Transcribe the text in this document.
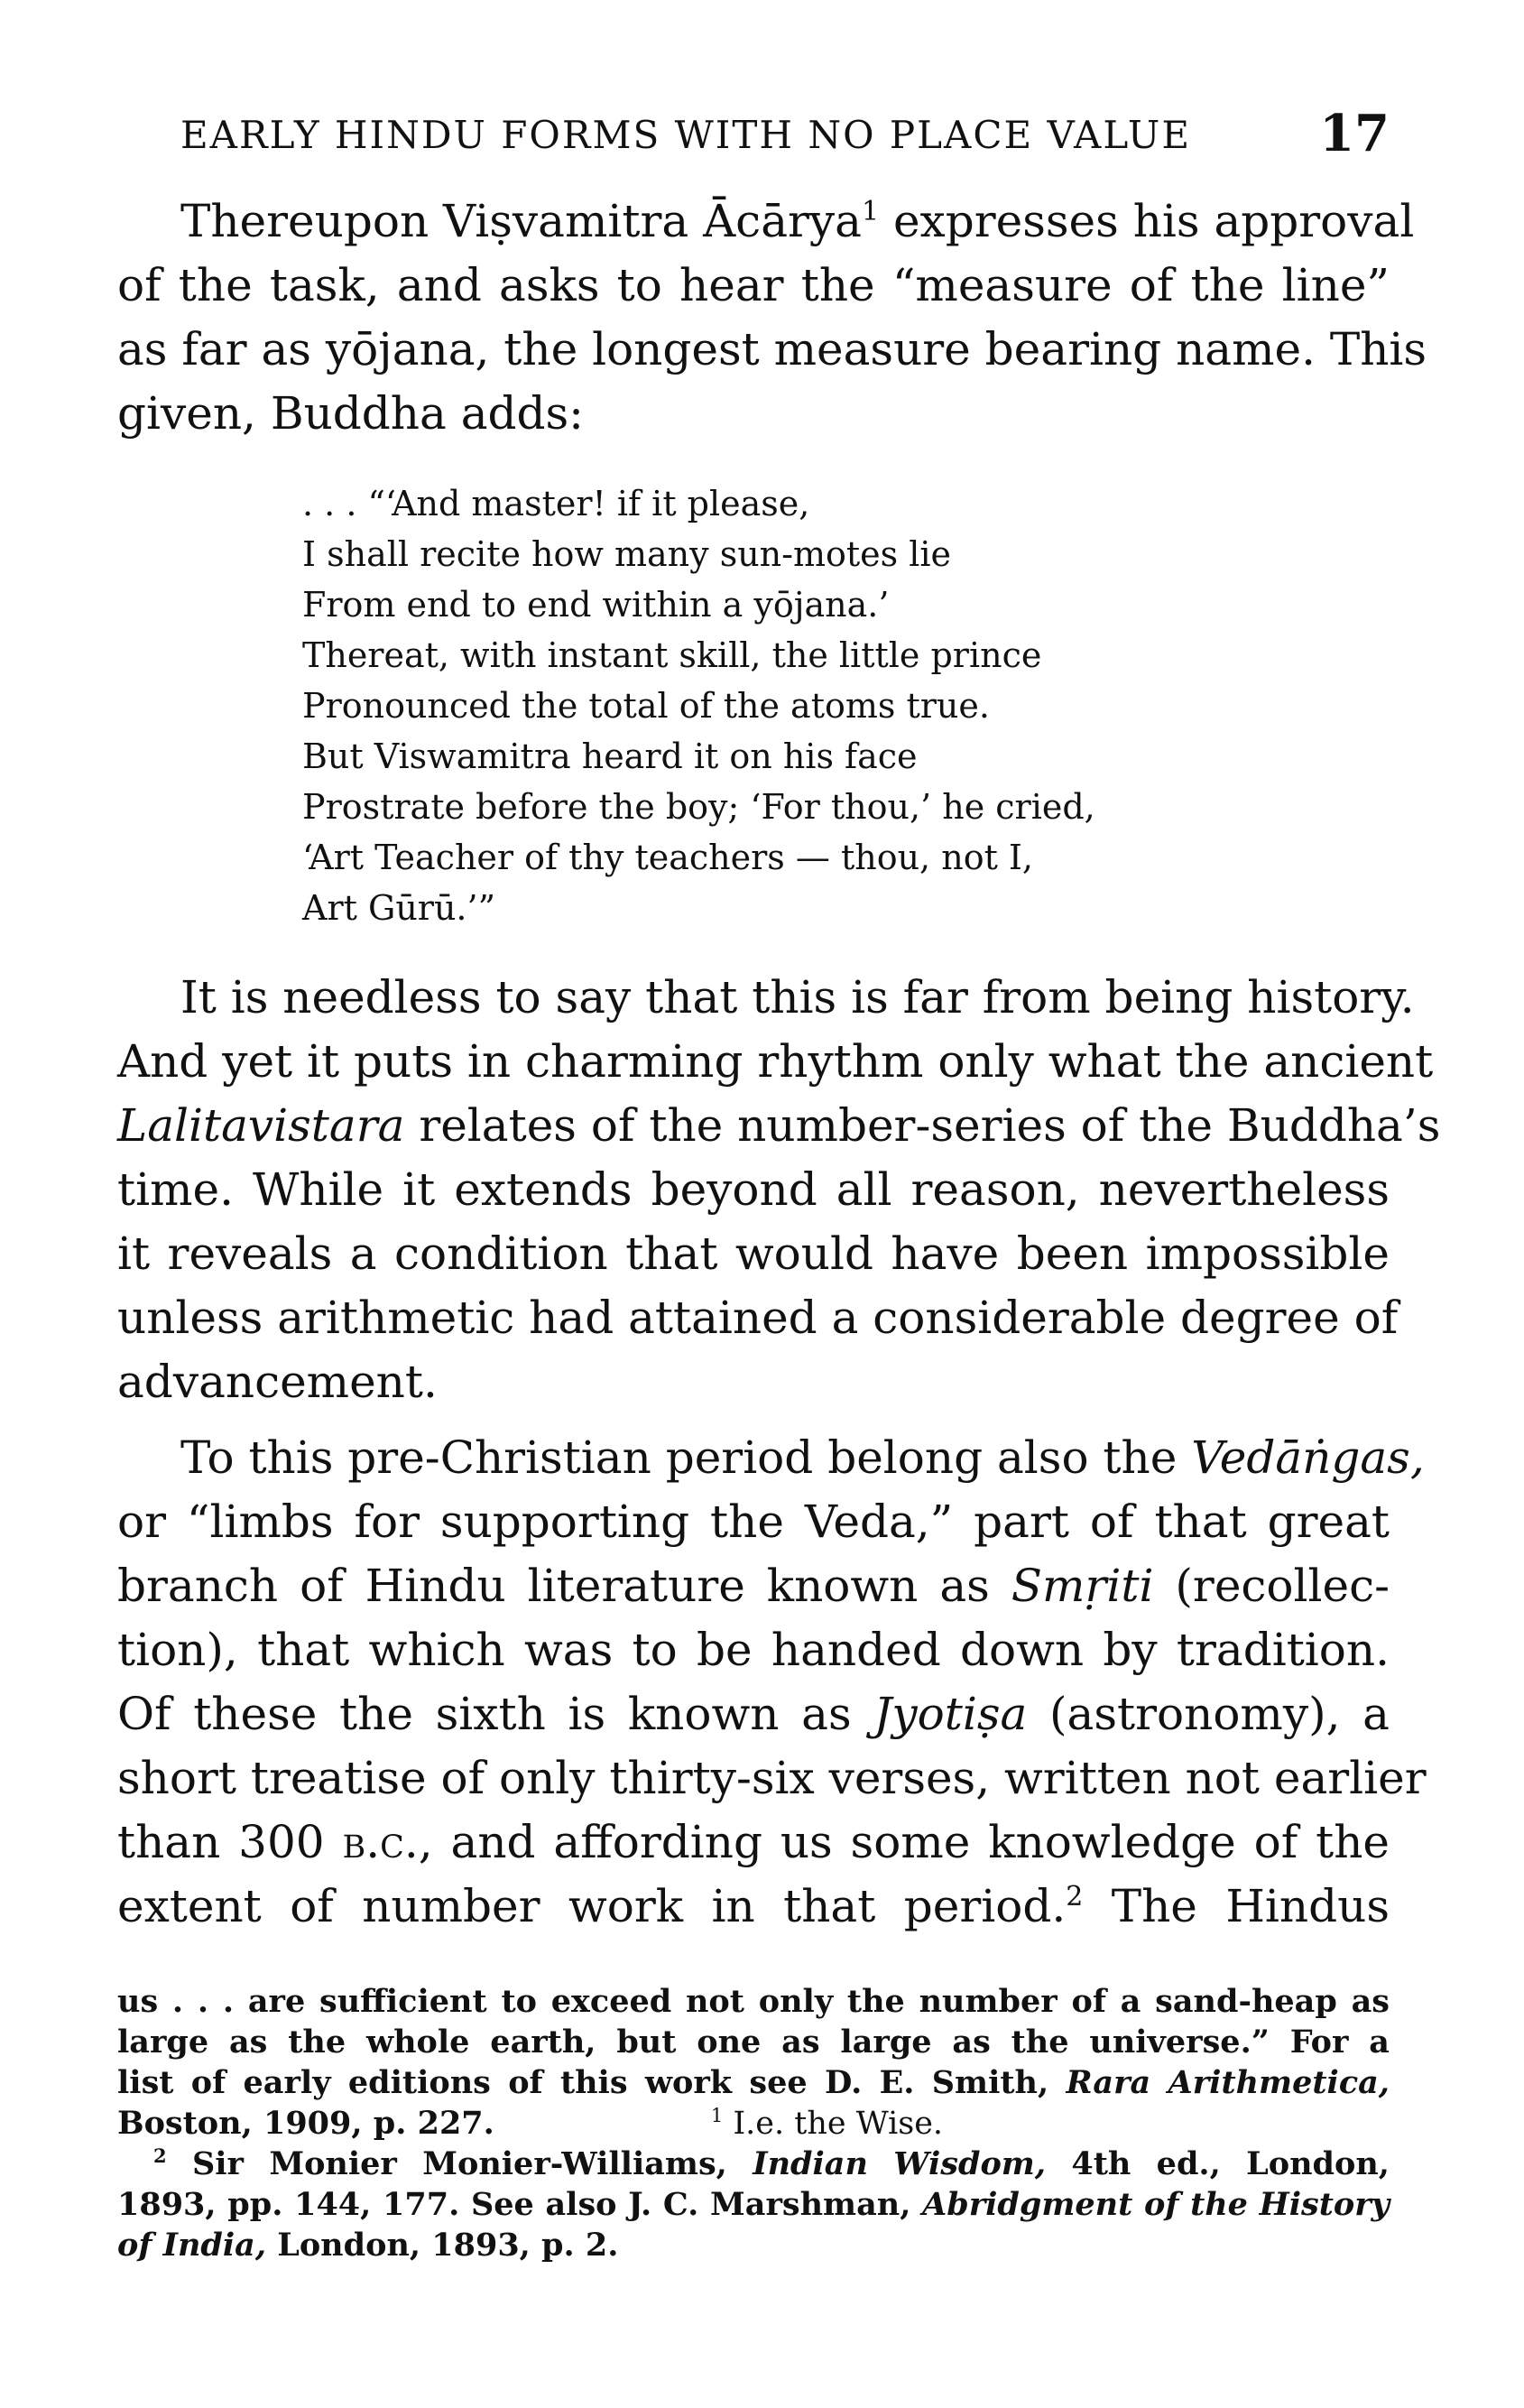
EARLY HINDU FORMS WITH NO PLACE VALUE	17
Thereupon Viṣvamitra Ācārya$^1$ expresses his approval
of the task, and asks to hear the “measure of the line”
as far as yōjana, the longest measure bearing name. This
given, Buddha adds:
. . . “‘And master! if it please,
I shall recite how many sun-motes lie
From end to end within a yōjana.’
Thereat, with instant skill, the little prince
Pronounced the total of the atoms true.
But Viswamitra heard it on his face
Prostrate before the boy; ‘For thou,’ he cried,
‘Art Teacher of thy teachers — thou, not I,
Art Gūrū.’”
It is needless to say that this is far from being history.
And yet it puts in charming rhythm only what the ancient
Lalitavistara relates of the number-series of the Buddha’s
time. While it extends beyond all reason, nevertheless
it reveals a condition that would have been impossible
unless arithmetic had attained a considerable degree of
advancement.
To this pre-Christian period belong also the Vedāṅgas,
or “limbs for supporting the Veda,” part of that great
branch of Hindu literature known as Smṛiti (recollec-
tion), that which was to be handed down by tradition.
Of these the sixth is known as Jyotiṣa (astronomy), a
short treatise of only thirty-six verses, written not earlier
than 300 b.c., and affording us some knowledge of the
extent of number work in that period.$^2$ The Hindus
us . . . are sufficient to exceed not only the number of a sand-heap as
large as the whole earth, but one as large as the universe.” For a
list of early editions of this work see D. E. Smith, Rara Arithmetica,
Boston, 1909, p. 227.	$^1$ I.e. the Wise.
$^2$ Sir Monier Monier-Williams, Indian Wisdom, 4th ed., London,
1893, pp. 144, 177. See also J. C. Marshman, Abridgment of the History
of India, London, 1893, p. 2.
